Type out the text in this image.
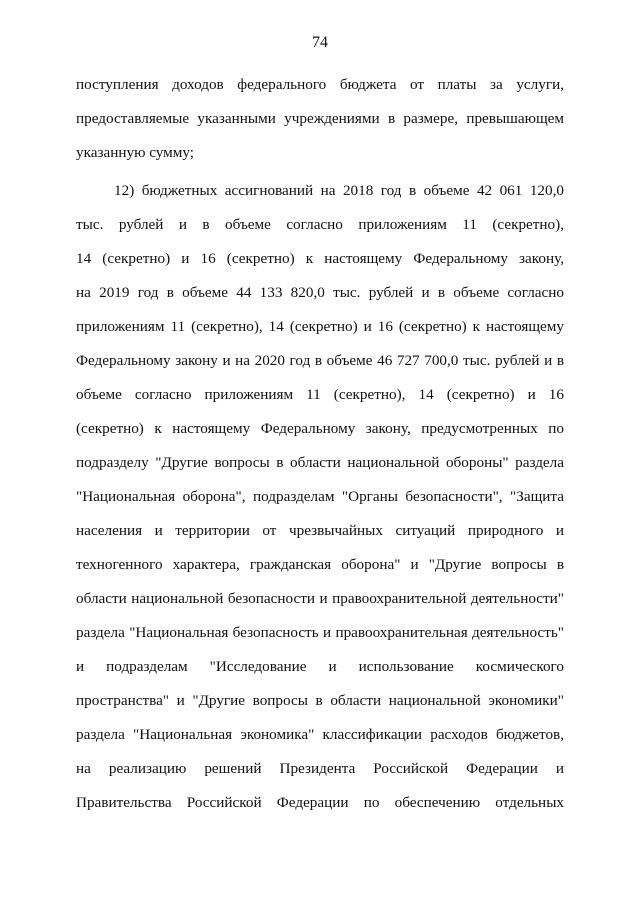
74
поступления доходов федерального бюджета от платы за услуги,
предоставляемые указанными учреждениями в размере, превышающем
указанную сумму;
12) бюджетных ассигнований на 2018 год в объеме 42 061 120,0
тыс. рублей и в объеме согласно приложениям 11 (секретно),
14 (секретно) и 16 (секретно) к настоящему Федеральному закону,
на 2019 год в объеме 44 133 820,0 тыс. рублей и в объеме согласно
приложениям 11 (секретно), 14 (секретно) и 16 (секретно) к настоящему
Федеральному закону и на 2020 год в объеме 46 727 700,0 тыс. рублей и в
объеме согласно приложениям 11 (секретно), 14 (секретно) и 16
(секретно) к настоящему Федеральному закону, предусмотренных по
подразделу "Другие вопросы в области национальной обороны" раздела
"Национальная оборона", подразделам "Органы безопасности", "Защита
населения и территории от чрезвычайных ситуаций природного и
техногенного характера, гражданская оборона" и "Другие вопросы в
области национальной безопасности и правоохранительной деятельности"
раздела "Национальная безопасность и правоохранительная деятельность"
и подразделам "Исследование и использование космического
пространства" и "Другие вопросы в области национальной экономики"
раздела "Национальная экономика" классификации расходов бюджетов,
на реализацию решений Президента Российской Федерации и
Правительства Российской Федерации по обеспечению отдельных
